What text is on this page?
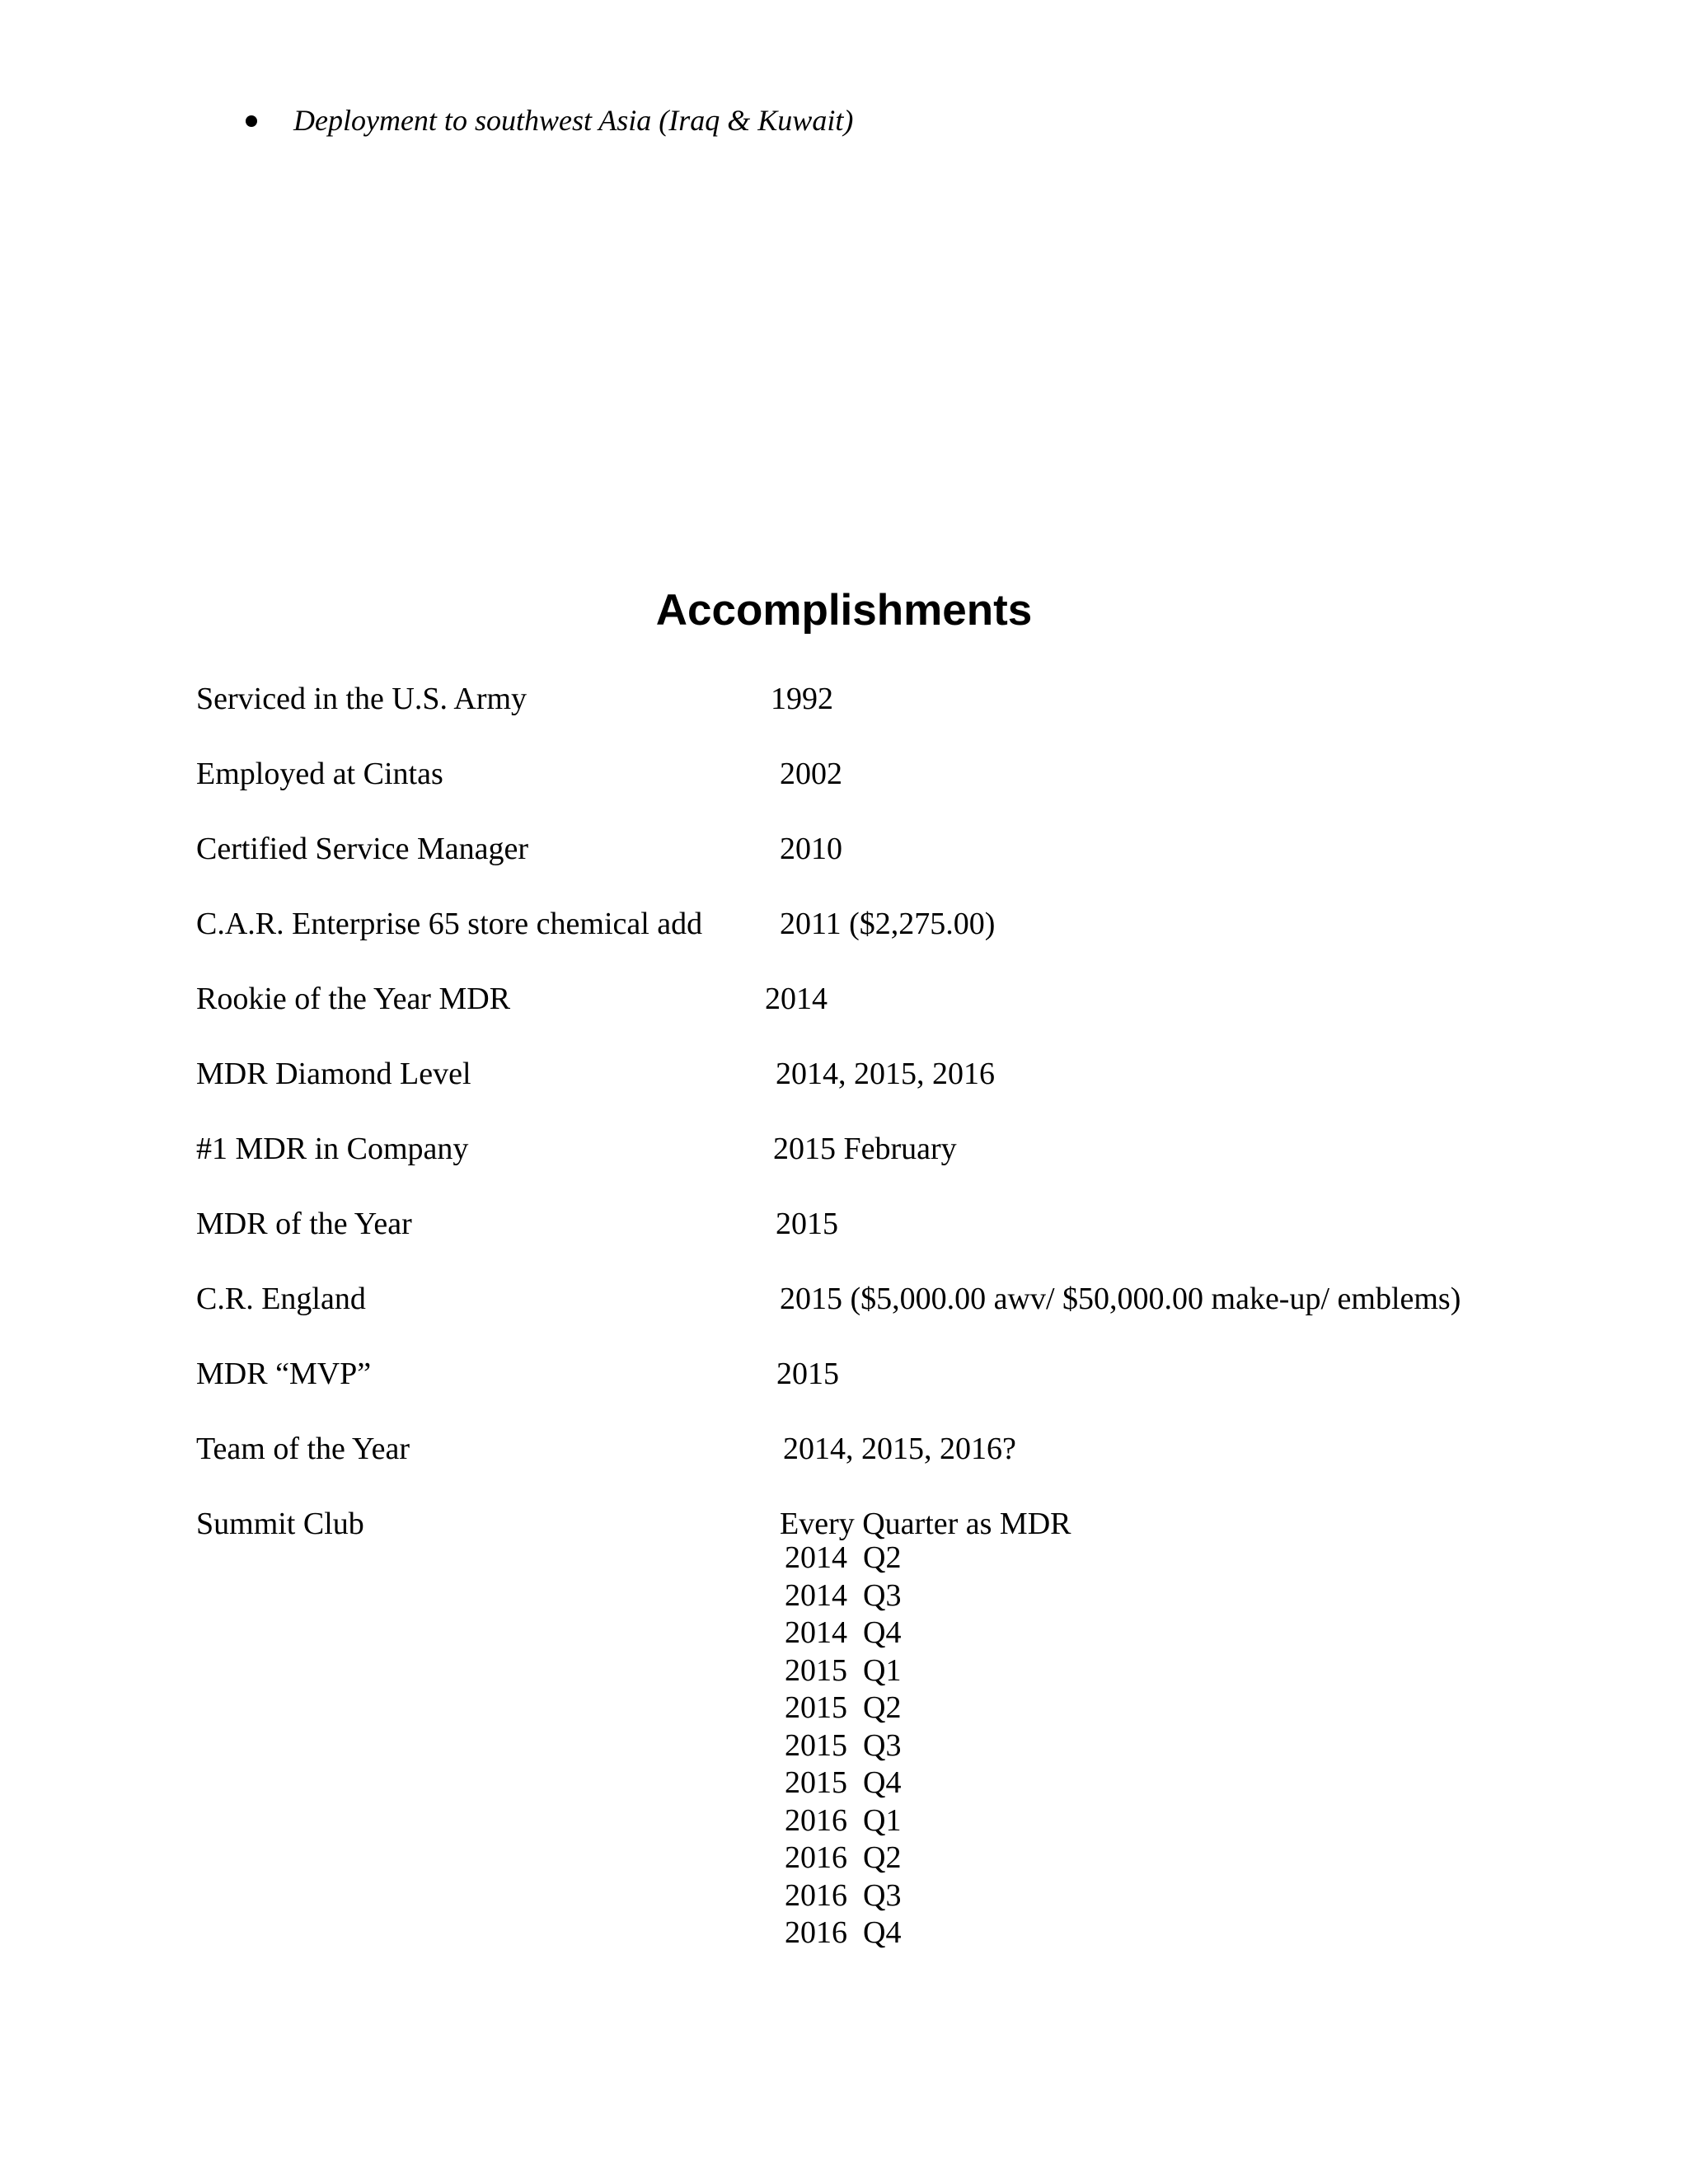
Deployment to southwest Asia (Iraq & Kuwait)
Accomplishments
Serviced in the U.S. Army	1992
Employed at Cintas	2002
Certified Service Manager	2010
C.A.R. Enterprise 65 store chemical add 2011 ($2,275.00)
Rookie of the Year MDR	2014
MDR Diamond Level	2014, 2015, 2016
#1 MDR in Company	2015 February
MDR of the Year	2015
C.R. England	2015 ($5,000.00 awv/ $50,000.00 make-up/ emblems)
MDR “MVP”	2015
Team of the Year	2014, 2015, 2016?
Summit Club	Every Quarter as MDR
2014  Q2
2014  Q3
2014  Q4
2015  Q1
2015  Q2
2015  Q3
2015  Q4
2016  Q1
2016  Q2
2016  Q3
2016  Q4
